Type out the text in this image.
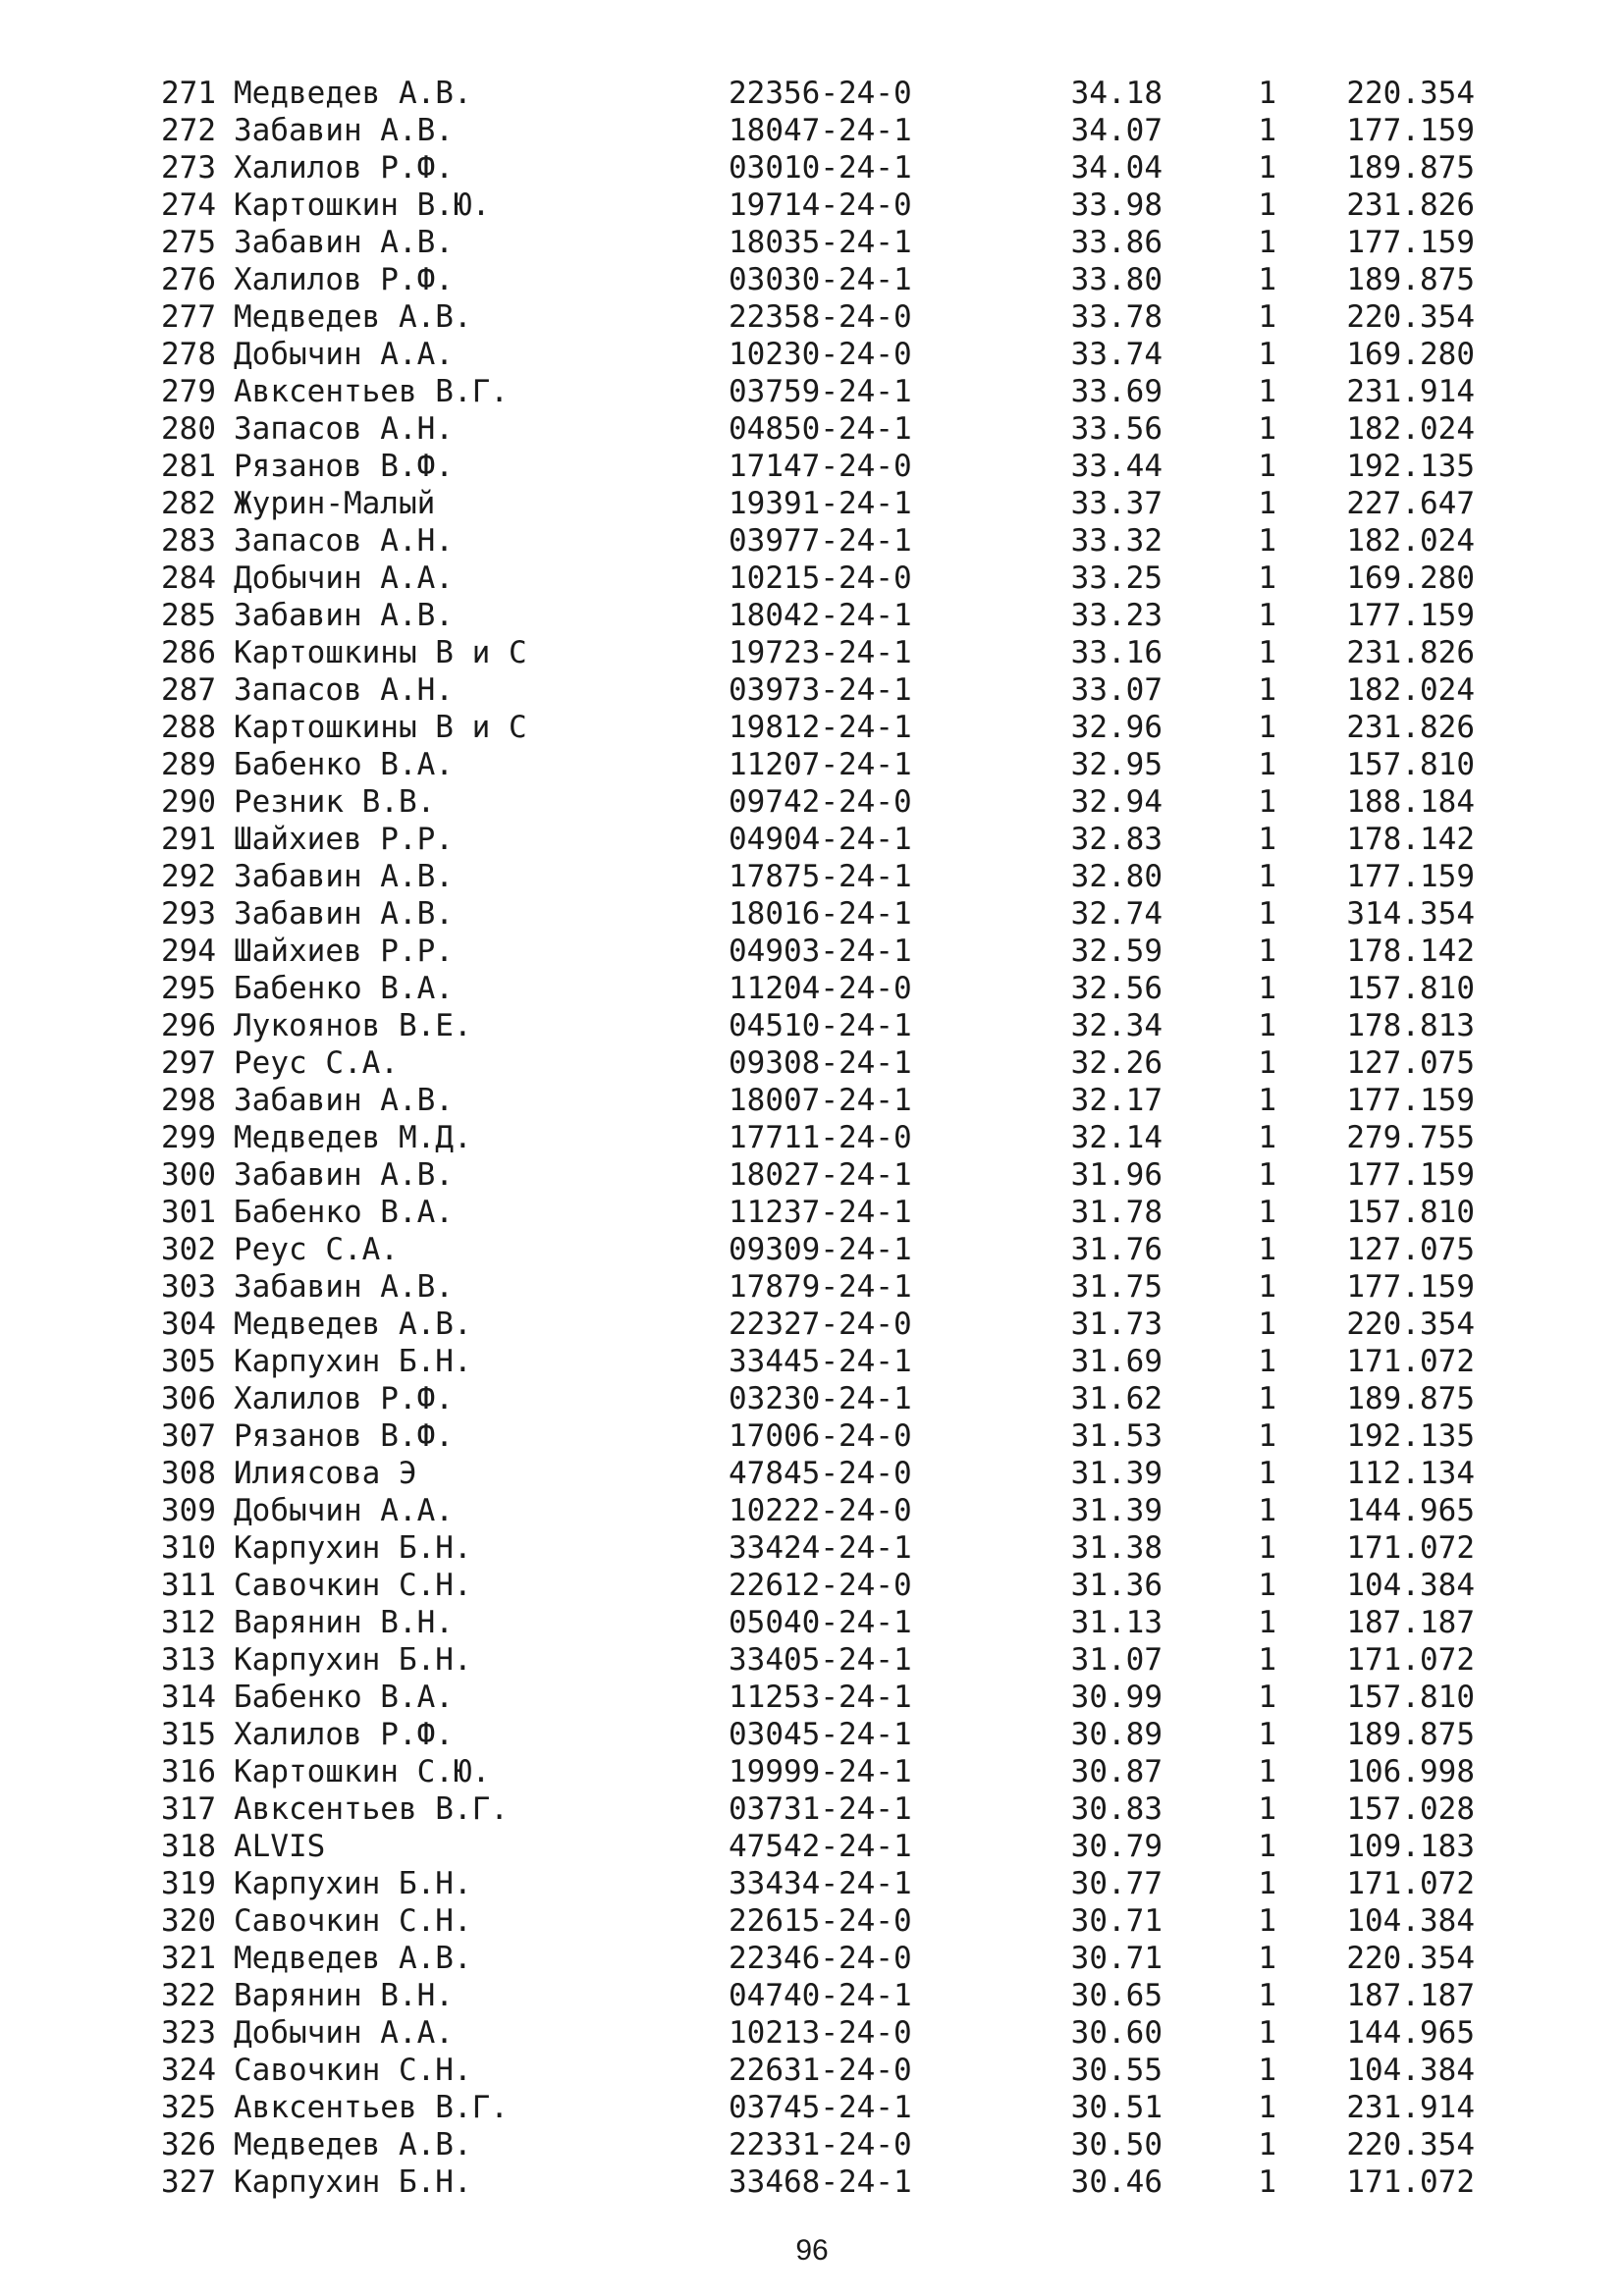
271 Медведев А.В.	22356-24-0	34.18	1	220.354
272 Забавин А.В.	18047-24-1	34.07	1	177.159
273 Халилов Р.Ф.	03010-24-1	34.04	1	189.875
274 Картошкин В.Ю.	19714-24-0	33.98	1	231.826
275 Забавин А.В.	18035-24-1	33.86	1	177.159
276 Халилов Р.Ф.	03030-24-1	33.80	1	189.875
277 Медведев А.В.	22358-24-0	33.78	1	220.354
278 Добычин А.А.	10230-24-0	33.74	1	169.280
279 Авксентьев В.Г.	03759-24-1	33.69	1	231.914
280 Запасов А.Н.	04850-24-1	33.56	1	182.024
281 Рязанов В.Ф.	17147-24-0	33.44	1	192.135
282 Журин-Малый	19391-24-1	33.37	1	227.647
283 Запасов А.Н.	03977-24-1	33.32	1	182.024
284 Добычин А.А.	10215-24-0	33.25	1	169.280
285 Забавин А.В.	18042-24-1	33.23	1	177.159
286 Картошкины В и С	19723-24-1	33.16	1	231.826
287 Запасов А.Н.	03973-24-1	33.07	1	182.024
288 Картошкины В и С	19812-24-1	32.96	1	231.826
289 Бабенко В.А.	11207-24-1	32.95	1	157.810
290 Резник В.В.	09742-24-0	32.94	1	188.184
291 Шайхиев Р.Р.	04904-24-1	32.83	1	178.142
292 Забавин А.В.	17875-24-1	32.80	1	177.159
293 Забавин А.В.	18016-24-1	32.74	1	314.354
294 Шайхиев Р.Р.	04903-24-1	32.59	1	178.142
295 Бабенко В.А.	11204-24-0	32.56	1	157.810
296 Лукоянов В.Е.	04510-24-1	32.34	1	178.813
297 Реус С.А.	09308-24-1	32.26	1	127.075
298 Забавин А.В.	18007-24-1	32.17	1	177.159
299 Медведев М.Д.	17711-24-0	32.14	1	279.755
300 Забавин А.В.	18027-24-1	31.96	1	177.159
301 Бабенко В.А.	11237-24-1	31.78	1	157.810
302 Реус С.А.	09309-24-1	31.76	1	127.075
303 Забавин А.В.	17879-24-1	31.75	1	177.159
304 Медведев А.В.	22327-24-0	31.73	1	220.354
305 Карпухин Б.Н.	33445-24-1	31.69	1	171.072
306 Халилов Р.Ф.	03230-24-1	31.62	1	189.875
307 Рязанов В.Ф.	17006-24-0	31.53	1	192.135
308 Илиясова Э	47845-24-0	31.39	1	112.134
309 Добычин А.А.	10222-24-0	31.39	1	144.965
310 Карпухин Б.Н.	33424-24-1	31.38	1	171.072
311 Савочкин С.Н.	22612-24-0	31.36	1	104.384
312 Варянин В.Н.	05040-24-1	31.13	1	187.187
313 Карпухин Б.Н.	33405-24-1	31.07	1	171.072
314 Бабенко В.А.	11253-24-1	30.99	1	157.810
315 Халилов Р.Ф.	03045-24-1	30.89	1	189.875
316 Картошкин С.Ю.	19999-24-1	30.87	1	106.998
317 Авксентьев В.Г.	03731-24-1	30.83	1	157.028
318 ALVIS	47542-24-1	30.79	1	109.183
319 Карпухин Б.Н.	33434-24-1	30.77	1	171.072
320 Савочкин С.Н.	22615-24-0	30.71	1	104.384
321 Медведев А.В.	22346-24-0	30.71	1	220.354
322 Варянин В.Н.	04740-24-1	30.65	1	187.187
323 Добычин А.А.	10213-24-0	30.60	1	144.965
324 Савочкин С.Н.	22631-24-0	30.55	1	104.384
325 Авксентьев В.Г.	03745-24-1	30.51	1	231.914
326 Медведев А.В.	22331-24-0	30.50	1	220.354
327 Карпухин Б.Н.	33468-24-1	30.46	1	171.072
96
